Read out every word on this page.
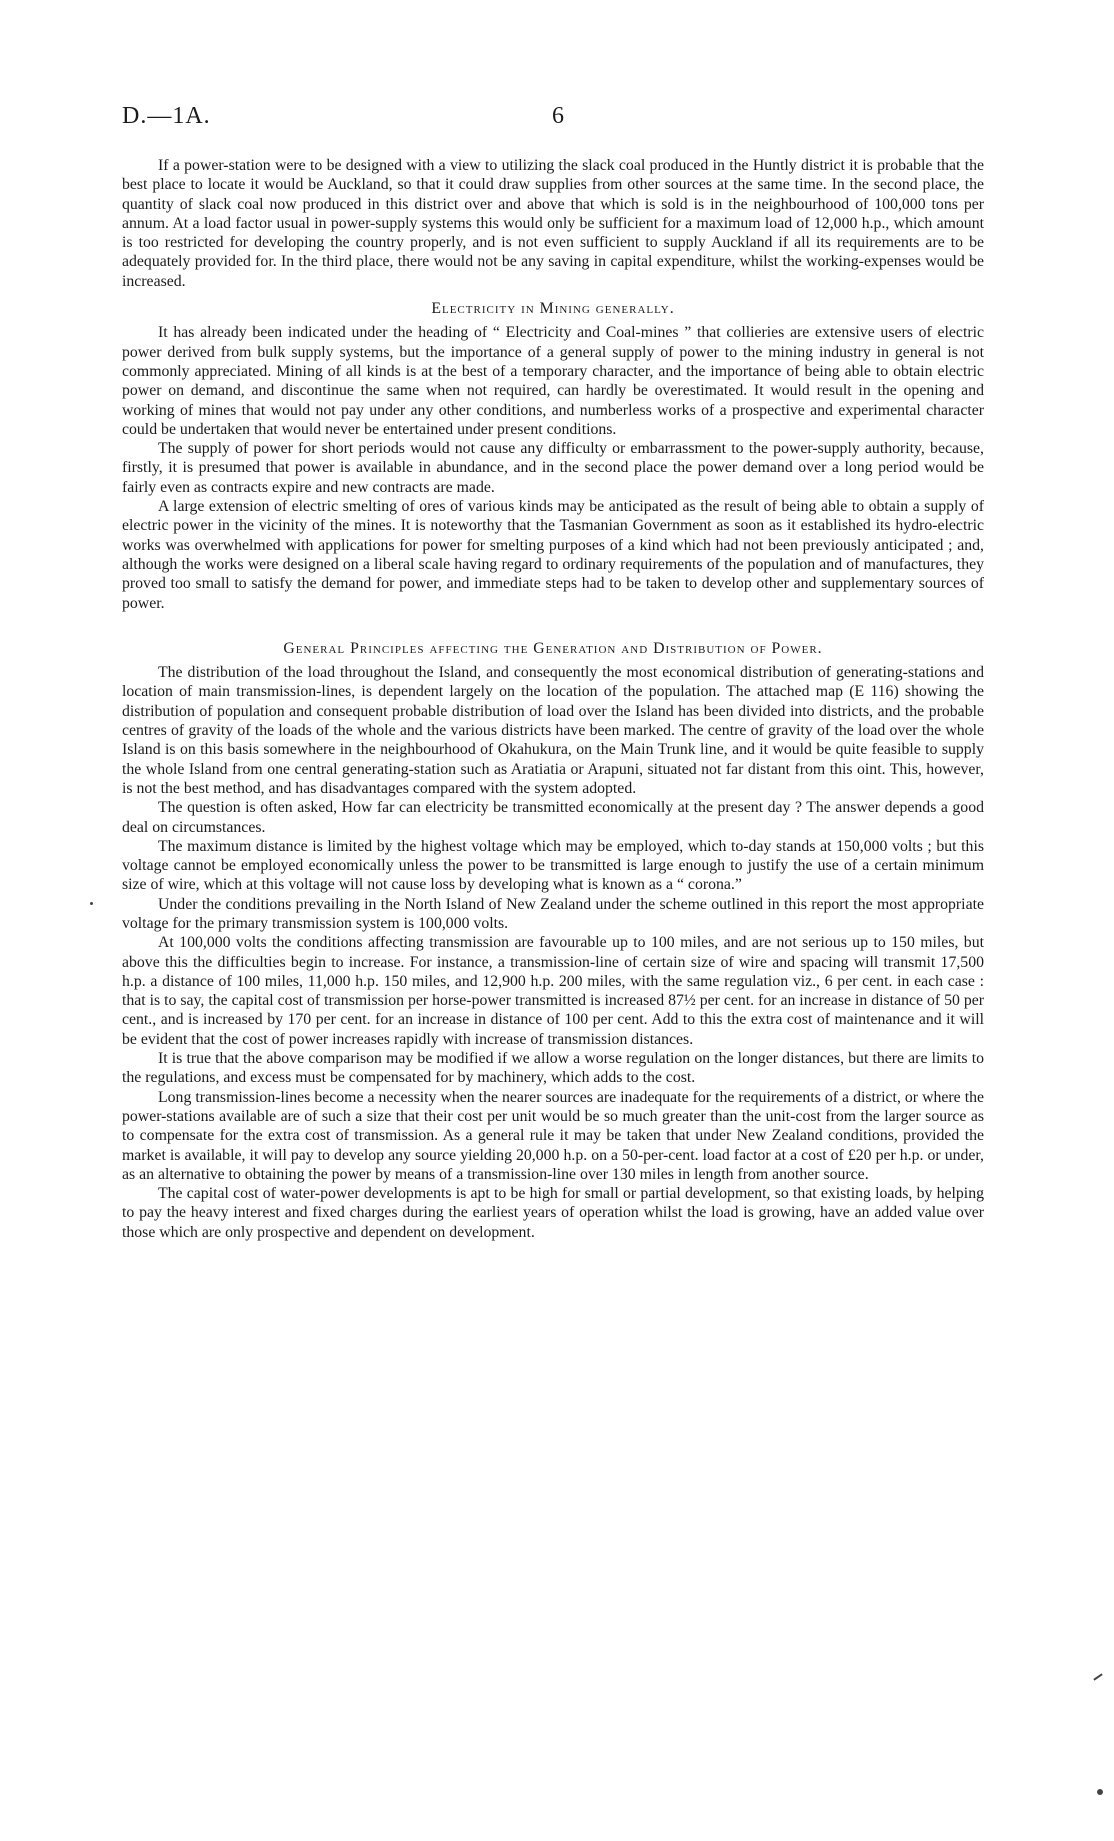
D.—1A.	6

If a power-station were to be designed with a view to utilizing the slack coal produced in the Huntly district it is probable that the best place to locate it would be Auckland, so that it could draw supplies from other sources at the same time. In the second place, the quantity of slack coal now produced in this district over and above that which is sold is in the neighbourhood of 100,000 tons per annum. At a load factor usual in power-supply systems this would only be sufficient for a maximum load of 12,000 h.p., which amount is too restricted for developing the country properly, and is not even sufficient to supply Auckland if all its requirements are to be adequately provided for. In the third place, there would not be any saving in capital expenditure, whilst the working-expenses would be increased.

Electricity in Mining generally.

It has already been indicated under the heading of “ Electricity and Coal-mines ” that collieries are extensive users of electric power derived from bulk supply systems, but the importance of a general supply of power to the mining industry in general is not commonly appreciated. Mining of all kinds is at the best of a temporary character, and the importance of being able to obtain electric power on demand, and discontinue the same when not required, can hardly be overestimated. It would result in the opening and working of mines that would not pay under any other conditions, and numberless works of a prospective and experimental character could be undertaken that would never be entertained under present conditions.

The supply of power for short periods would not cause any difficulty or embarrassment to the power-supply authority, because, firstly, it is presumed that power is available in abundance, and in the second place the power demand over a long period would be fairly even as contracts expire and new contracts are made.

A large extension of electric smelting of ores of various kinds may be anticipated as the result of being able to obtain a supply of electric power in the vicinity of the mines. It is noteworthy that the Tasmanian Government as soon as it established its hydro-electric works was overwhelmed with applications for power for smelting purposes of a kind which had not been previously anticipated ; and, although the works were designed on a liberal scale having regard to ordinary requirements of the population and of manufactures, they proved too small to satisfy the demand for power, and immediate steps had to be taken to develop other and supplementary sources of power.

General Principles affecting the Generation and Distribution of Power.

The distribution of the load throughout the Island, and consequently the most economical distribution of generating-stations and location of main transmission-lines, is dependent largely on the location of the population. The attached map (E 116) showing the distribution of population and consequent probable distribution of load over the Island has been divided into districts, and the probable centres of gravity of the loads of the whole and the various districts have been marked. The centre of gravity of the load over the whole Island is on this basis somewhere in the neighbourhood of Okahukura, on the Main Trunk line, and it would be quite feasible to supply the whole Island from one central generating-station such as Aratiatia or Arapuni, situated not far distant from this oint. This, however, is not the best method, and has disadvantages compared with the system adopted.

The question is often asked, How far can electricity be transmitted economically at the present day ? The answer depends a good deal on circumstances.

The maximum distance is limited by the highest voltage which may be employed, which to-day stands at 150,000 volts ; but this voltage cannot be employed economically unless the power to be transmitted is large enough to justify the use of a certain minimum size of wire, which at this voltage will not cause loss by developing what is known as a “ corona.”

Under the conditions prevailing in the North Island of New Zealand under the scheme outlined in this report the most appropriate voltage for the primary transmission system is 100,000 volts.

At 100,000 volts the conditions affecting transmission are favourable up to 100 miles, and are not serious up to 150 miles, but above this the difficulties begin to increase. For instance, a transmission-line of certain size of wire and spacing will transmit 17,500 h.p. a distance of 100 miles, 11,000 h.p. 150 miles, and 12,900 h.p. 200 miles, with the same regulation viz., 6 per cent. in each case : that is to say, the capital cost of transmission per horse-power transmitted is increased 87½ per cent. for an increase in distance of 50 per cent., and is increased by 170 per cent. for an increase in distance of 100 per cent. Add to this the extra cost of maintenance and it will be evident that the cost of power increases rapidly with increase of transmission distances.

It is true that the above comparison may be modified if we allow a worse regulation on the longer distances, but there are limits to the regulations, and excess must be compensated for by machinery, which adds to the cost.

Long transmission-lines become a necessity when the nearer sources are inadequate for the requirements of a district, or where the power-stations available are of such a size that their cost per unit would be so much greater than the unit-cost from the larger source as to compensate for the extra cost of transmission. As a general rule it may be taken that under New Zealand conditions, provided the market is available, it will pay to develop any source yielding 20,000 h.p. on a 50-per-cent. load factor at a cost of £20 per h.p. or under, as an alternative to obtaining the power by means of a transmission-line over 130 miles in length from another source.

The capital cost of water-power developments is apt to be high for small or partial development, so that existing loads, by helping to pay the heavy interest and fixed charges during the earliest years of operation whilst the load is growing, have an added value over those which are only prospective and dependent on development.
